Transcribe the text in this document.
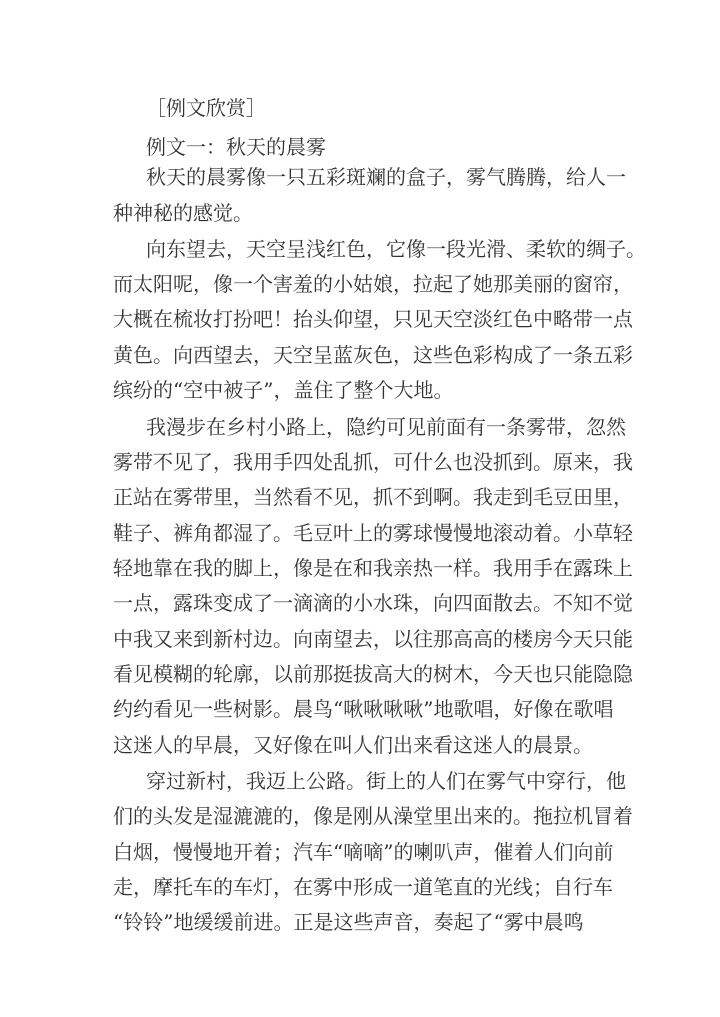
［例文欣赏］
例文一：秋天的晨雾
秋天的晨雾像一只五彩斑斓的盒子，雾气腾腾，给人一
种神秘的感觉。
向东望去，天空呈浅红色，它像一段光滑、柔软的绸子。
而太阳呢，像一个害羞的小姑娘，拉起了她那美丽的窗帘，
大概在梳妆打扮吧！抬头仰望，只见天空淡红色中略带一点
黄色。向西望去，天空呈蓝灰色，这些色彩构成了一条五彩
缤纷的“空中被子”，盖住了整个大地。
我漫步在乡村小路上，隐约可见前面有一条雾带，忽然
雾带不见了，我用手四处乱抓，可什么也没抓到。原来，我
正站在雾带里，当然看不见，抓不到啊。我走到毛豆田里，
鞋子、裤角都湿了。毛豆叶上的雾球慢慢地滚动着。小草轻
轻地靠在我的脚上，像是在和我亲热一样。我用手在露珠上
一点，露珠变成了一滴滴的小水珠，向四面散去。不知不觉
中我又来到新村边。向南望去，以往那高高的楼房今天只能
看见模糊的轮廓，以前那挺拔高大的树木，今天也只能隐隐
约约看见一些树影。晨鸟“啾啾啾啾”地歌唱，好像在歌唱
这迷人的早晨，又好像在叫人们出来看这迷人的晨景。
穿过新村，我迈上公路。街上的人们在雾气中穿行，他
们的头发是湿漉漉的，像是刚从澡堂里出来的。拖拉机冒着
白烟，慢慢地开着；汽车“嘀嘀”的喇叭声，催着人们向前
走，摩托车的车灯，在雾中形成一道笔直的光线；自行车
“铃铃”地缓缓前进。正是这些声音，奏起了“雾中晨鸣
